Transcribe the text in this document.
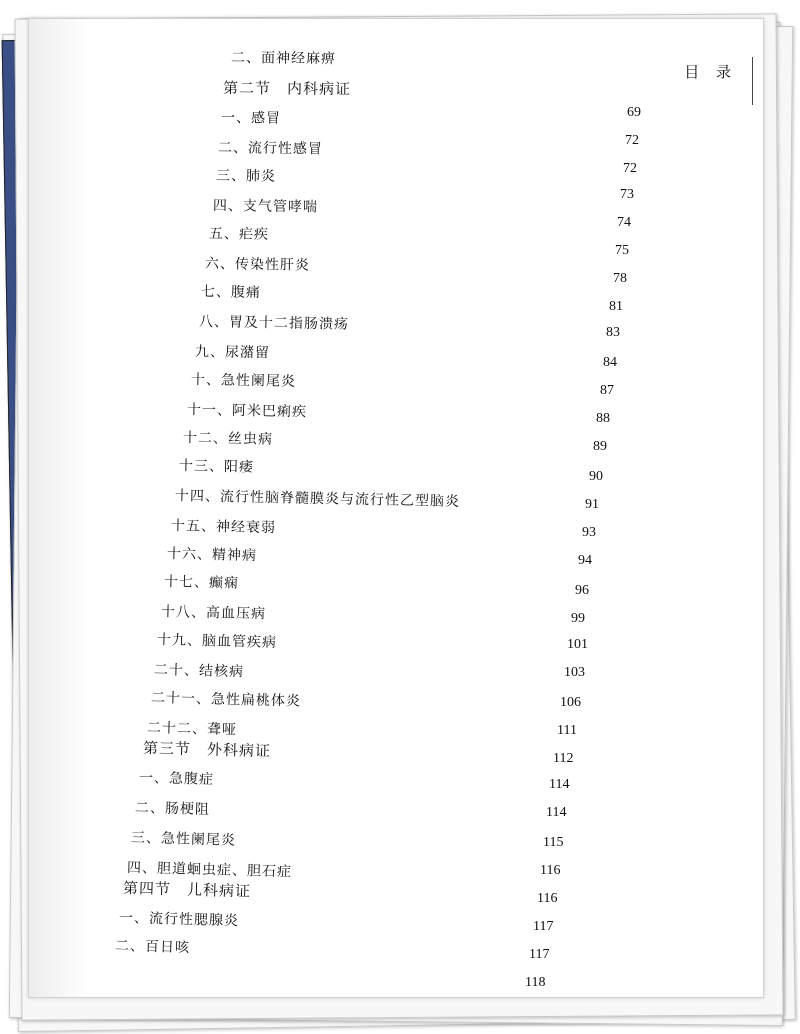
目 录
二、面神经麻痹
第二节　内科病证
一、感冒
二、流行性感冒
三、肺炎
四、支气管哮喘
五、疟疾
六、传染性肝炎
七、腹痛
八、胃及十二指肠溃疡
九、尿潴留
十、急性阑尾炎
十一、阿米巴痢疾
十二、丝虫病
十三、阳痿
十四、流行性脑脊髓膜炎与流行性乙型脑炎
十五、神经衰弱
十六、精神病
十七、癫痫
十八、高血压病
十九、脑血管疾病
二十、结核病
二十一、急性扁桃体炎
二十二、聋哑
第三节　外科病证
一、急腹症
二、肠梗阻
三、急性阑尾炎
四、胆道蛔虫症、胆石症
第四节　儿科病证
一、流行性腮腺炎
二、百日咳
69
72
72
73
74
75
78
81
83
84
87
88
89
90
91
93
94
96
99
101
103
106
111
112
114
114
115
116
116
117
117
118
